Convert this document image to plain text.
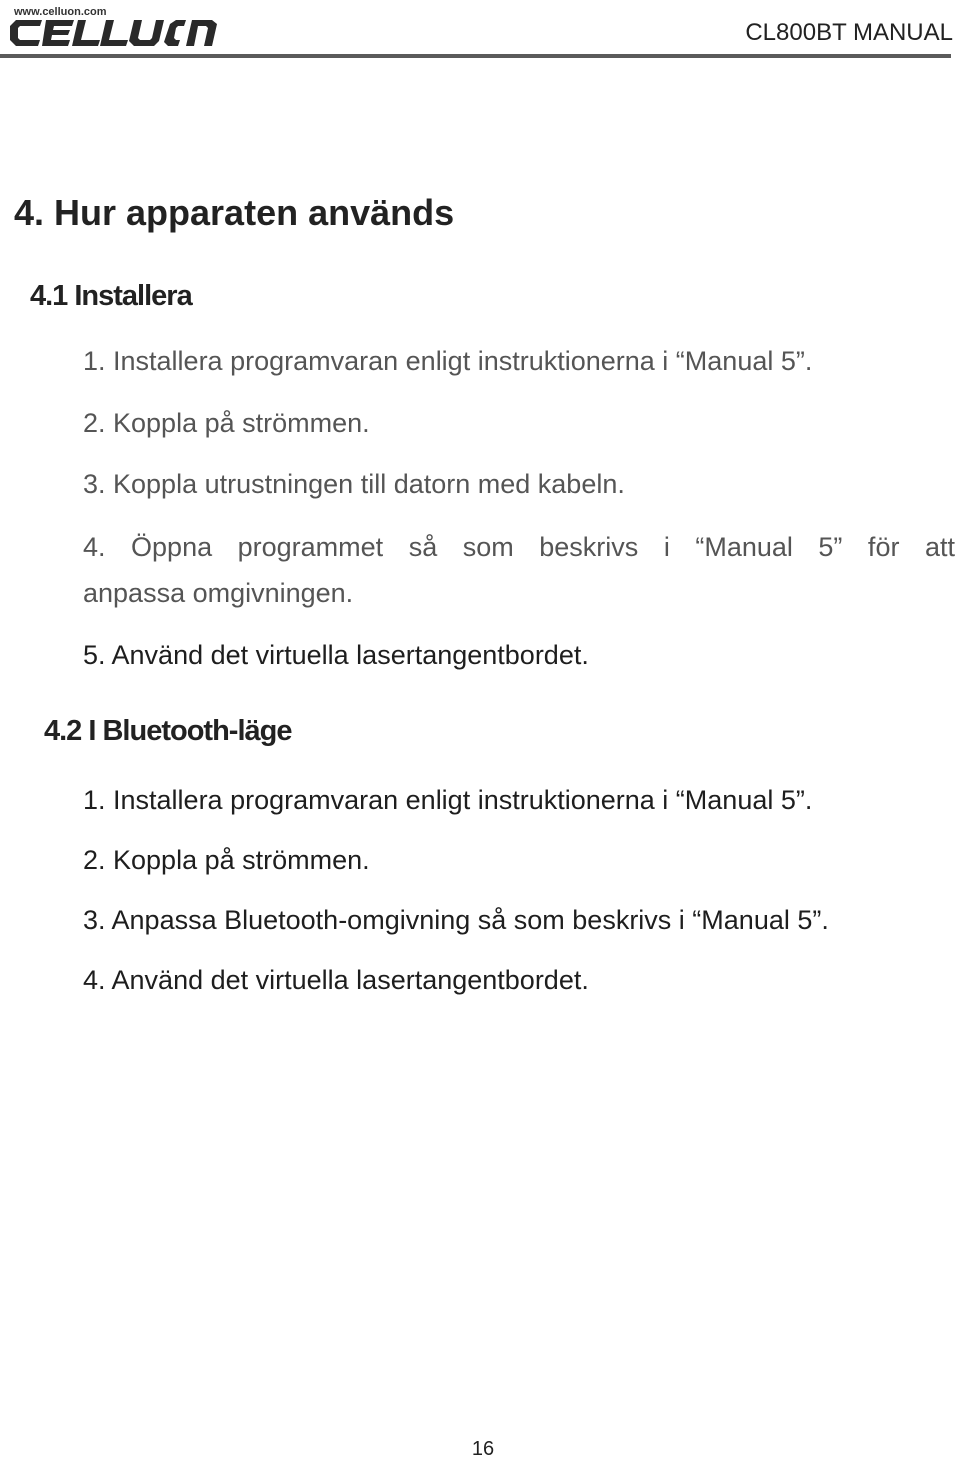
www.celluon.com
CL800BT MANUAL
4. Hur apparaten används
4.1 Installera
1. Installera programvaran enligt instruktionerna i “Manual 5”.
2. Koppla på strömmen.
3. Koppla utrustningen till datorn med kabeln.
4. Öppna programmet så som beskrivs i “Manual 5” för att
anpassa omgivningen.
5. Använd det virtuella lasertangentbordet.
4.2 I Bluetooth-läge
1. Installera programvaran enligt instruktionerna i “Manual 5”.
2. Koppla på strömmen.
3. Anpassa Bluetooth-omgivning så som beskrivs i “Manual 5”.
4. Använd det virtuella lasertangentbordet.
16
